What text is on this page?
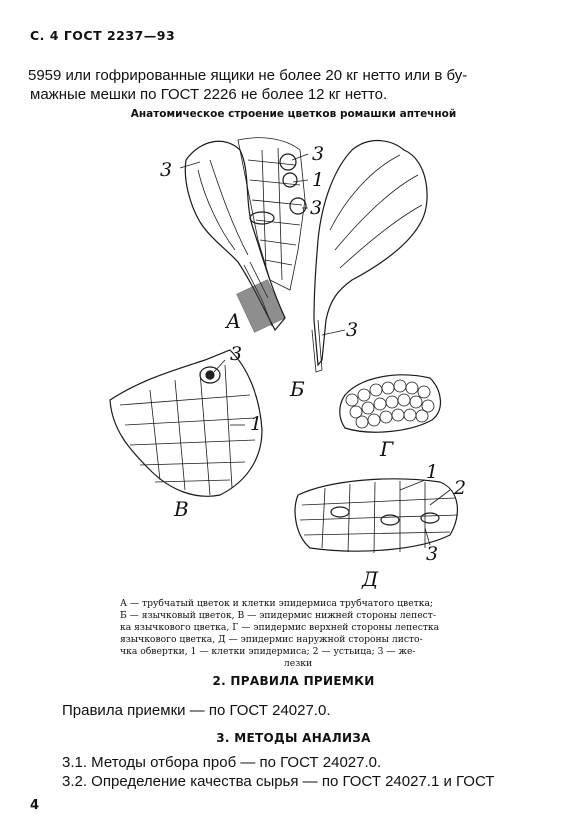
С. 4 ГОСТ 2237—93
5959 или гофрированные ящики не более 20 кг нетто или в бу-
мажные мешки по ГОСТ 2226 не более 12 кг нетто.
Анатомическое строение цветков ромашки аптечной
А
Б
В
Г
Д
3
3
1
3
3
3
1
1
2
3
А — трубчатый цветок и клетки эпидермиса трубчатого цветка;
Б — язычковый цветок, В — эпидермис нижней стороны лепест-
ка язычкового цветка, Г — эпидермис верхней стороны лепестка
язычкового цветка, Д — эпидермис наружной стороны листо-
чка обвертки, 1 — клетки эпидермиса; 2 — устьица; 3 — же-
лезки
2. ПРАВИЛА ПРИЕМКИ
Правила приемки — по ГОСТ 24027.0.
3. МЕТОДЫ АНАЛИЗА
3.1. Методы отбора проб — по ГОСТ 24027.0.
3.2. Определение качества сырья — по ГОСТ 24027.1 и ГОСТ
4
